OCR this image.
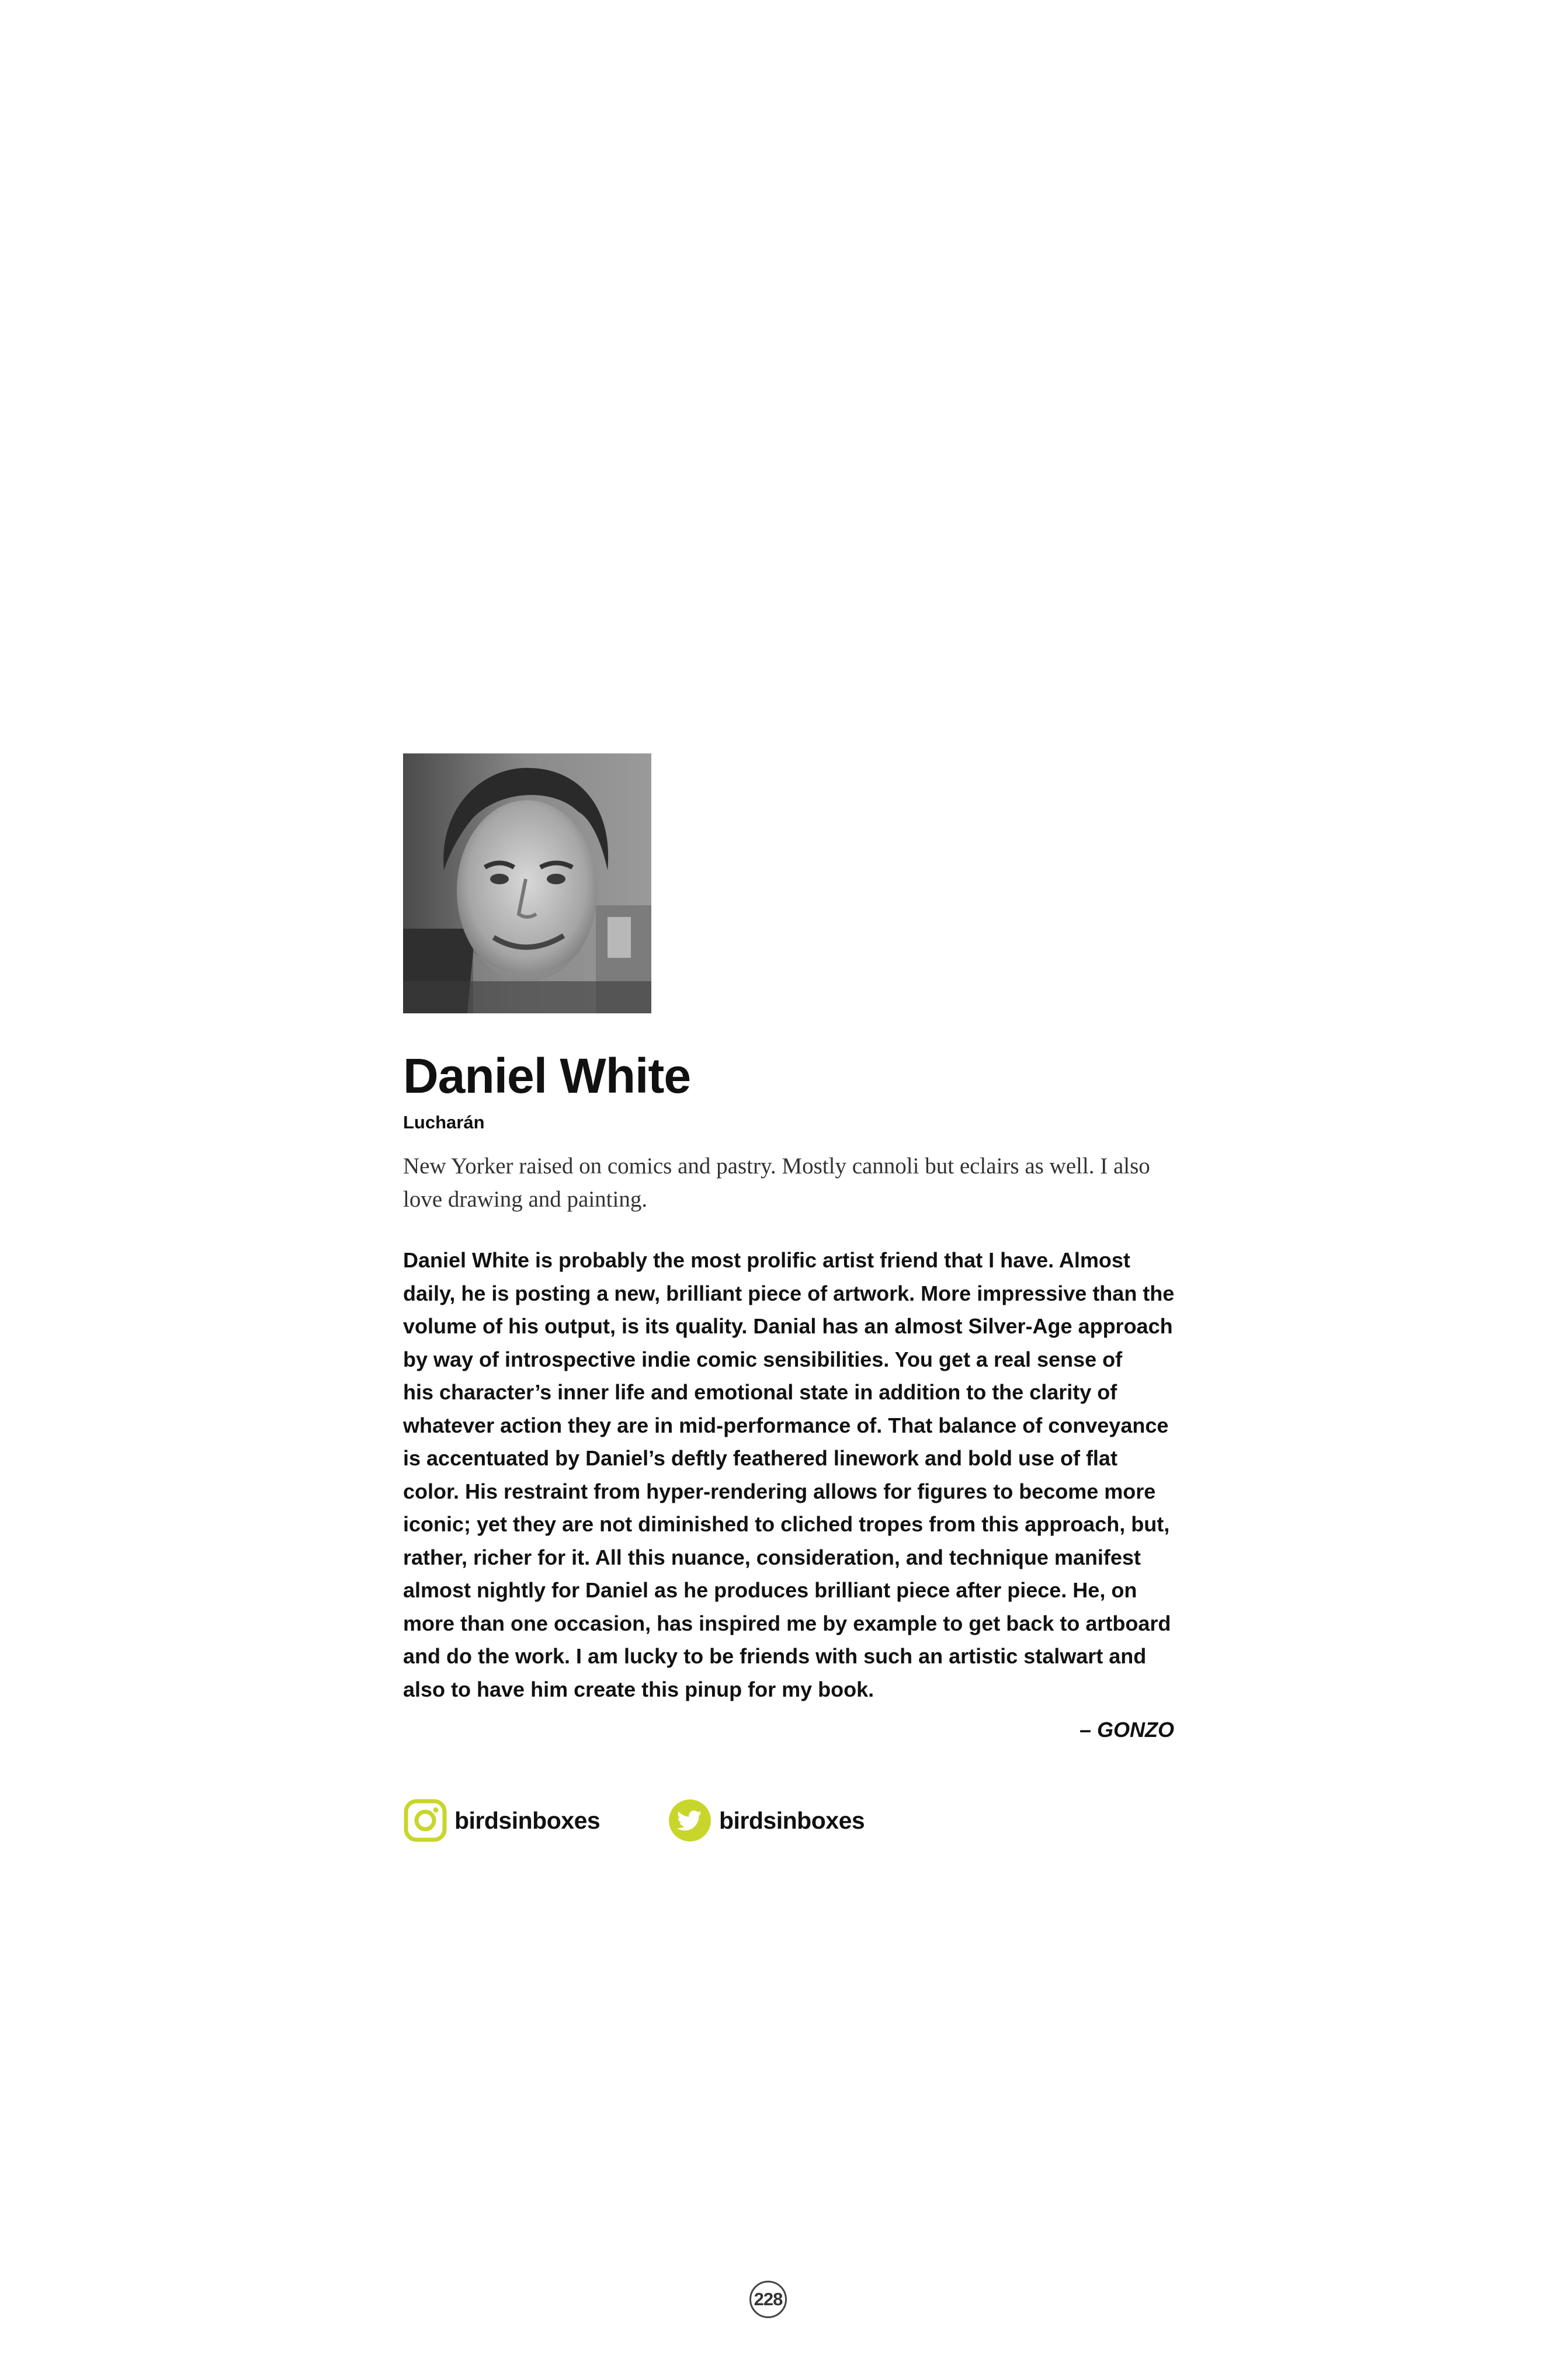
Daniel White
Lucharán

New Yorker raised on comics and pastry. Mostly cannoli but eclairs as well. I also love drawing and painting.

Daniel White is probably the most prolific artist friend that I have. Almost
daily, he is posting a new, brilliant piece of artwork. More impressive than the
volume of his output, is its quality. Danial has an almost Silver-Age approach
by way of introspective indie comic sensibilities. You get a real sense of
his character’s inner life and emotional state in addition to the clarity of
whatever action they are in mid-performance of. That balance of conveyance
is accentuated by Daniel’s deftly feathered linework and bold use of flat
color. His restraint from hyper-rendering allows for figures to become more
iconic; yet they are not diminished to cliched tropes from this approach, but,
rather, richer for it. All this nuance, consideration, and technique manifest
almost nightly for Daniel as he produces brilliant piece after piece. He, on
more than one occasion, has inspired me by example to get back to artboard
and do the work. I am lucky to be friends with such an artistic stalwart and
also to have him create this pinup for my book.
– GONZO
birdsinboxes	birdsinboxes
228
